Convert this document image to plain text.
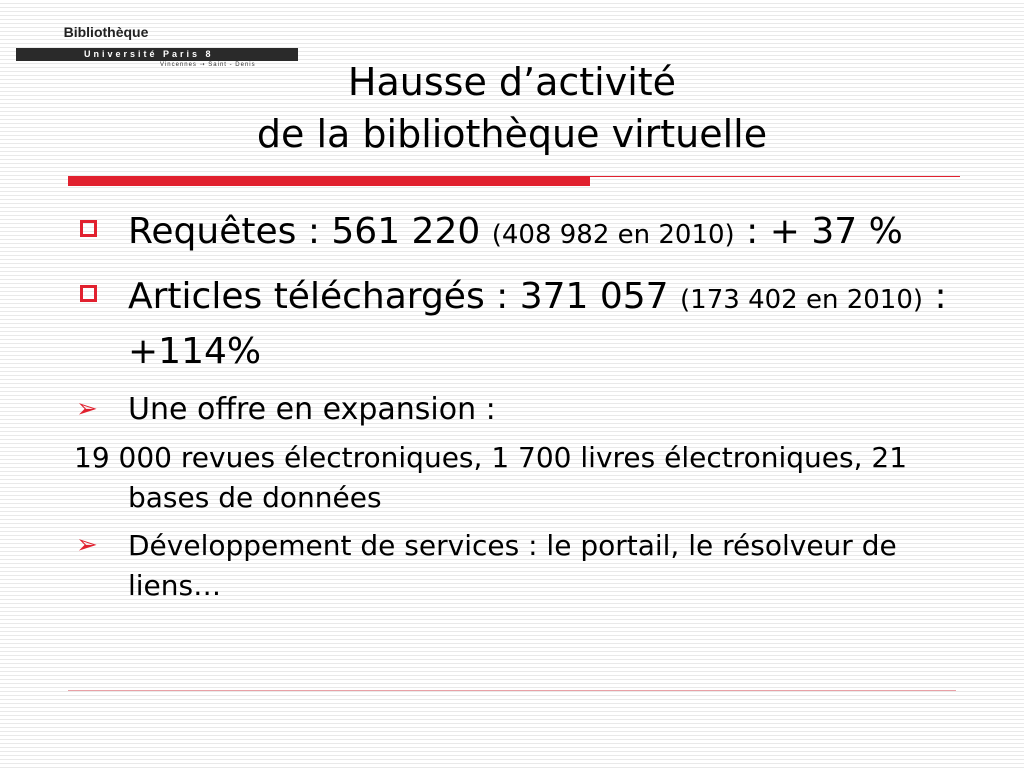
Bibliothèque
Université Paris 8
Vincennes ⇢ Saint - Denis	Hausse d’activité
de la bibliothèque virtuelle
Requêtes : 561 220 (408 982 en 2010) : + 37 %
Articles téléchargés : 371 057 (173 402 en 2010) : +114%
➢ Une offre en expansion :
19 000 revues électroniques, 1 700 livres électroniques, 21 bases de données
➢ Développement de services : le portail, le résolveur de liens…
